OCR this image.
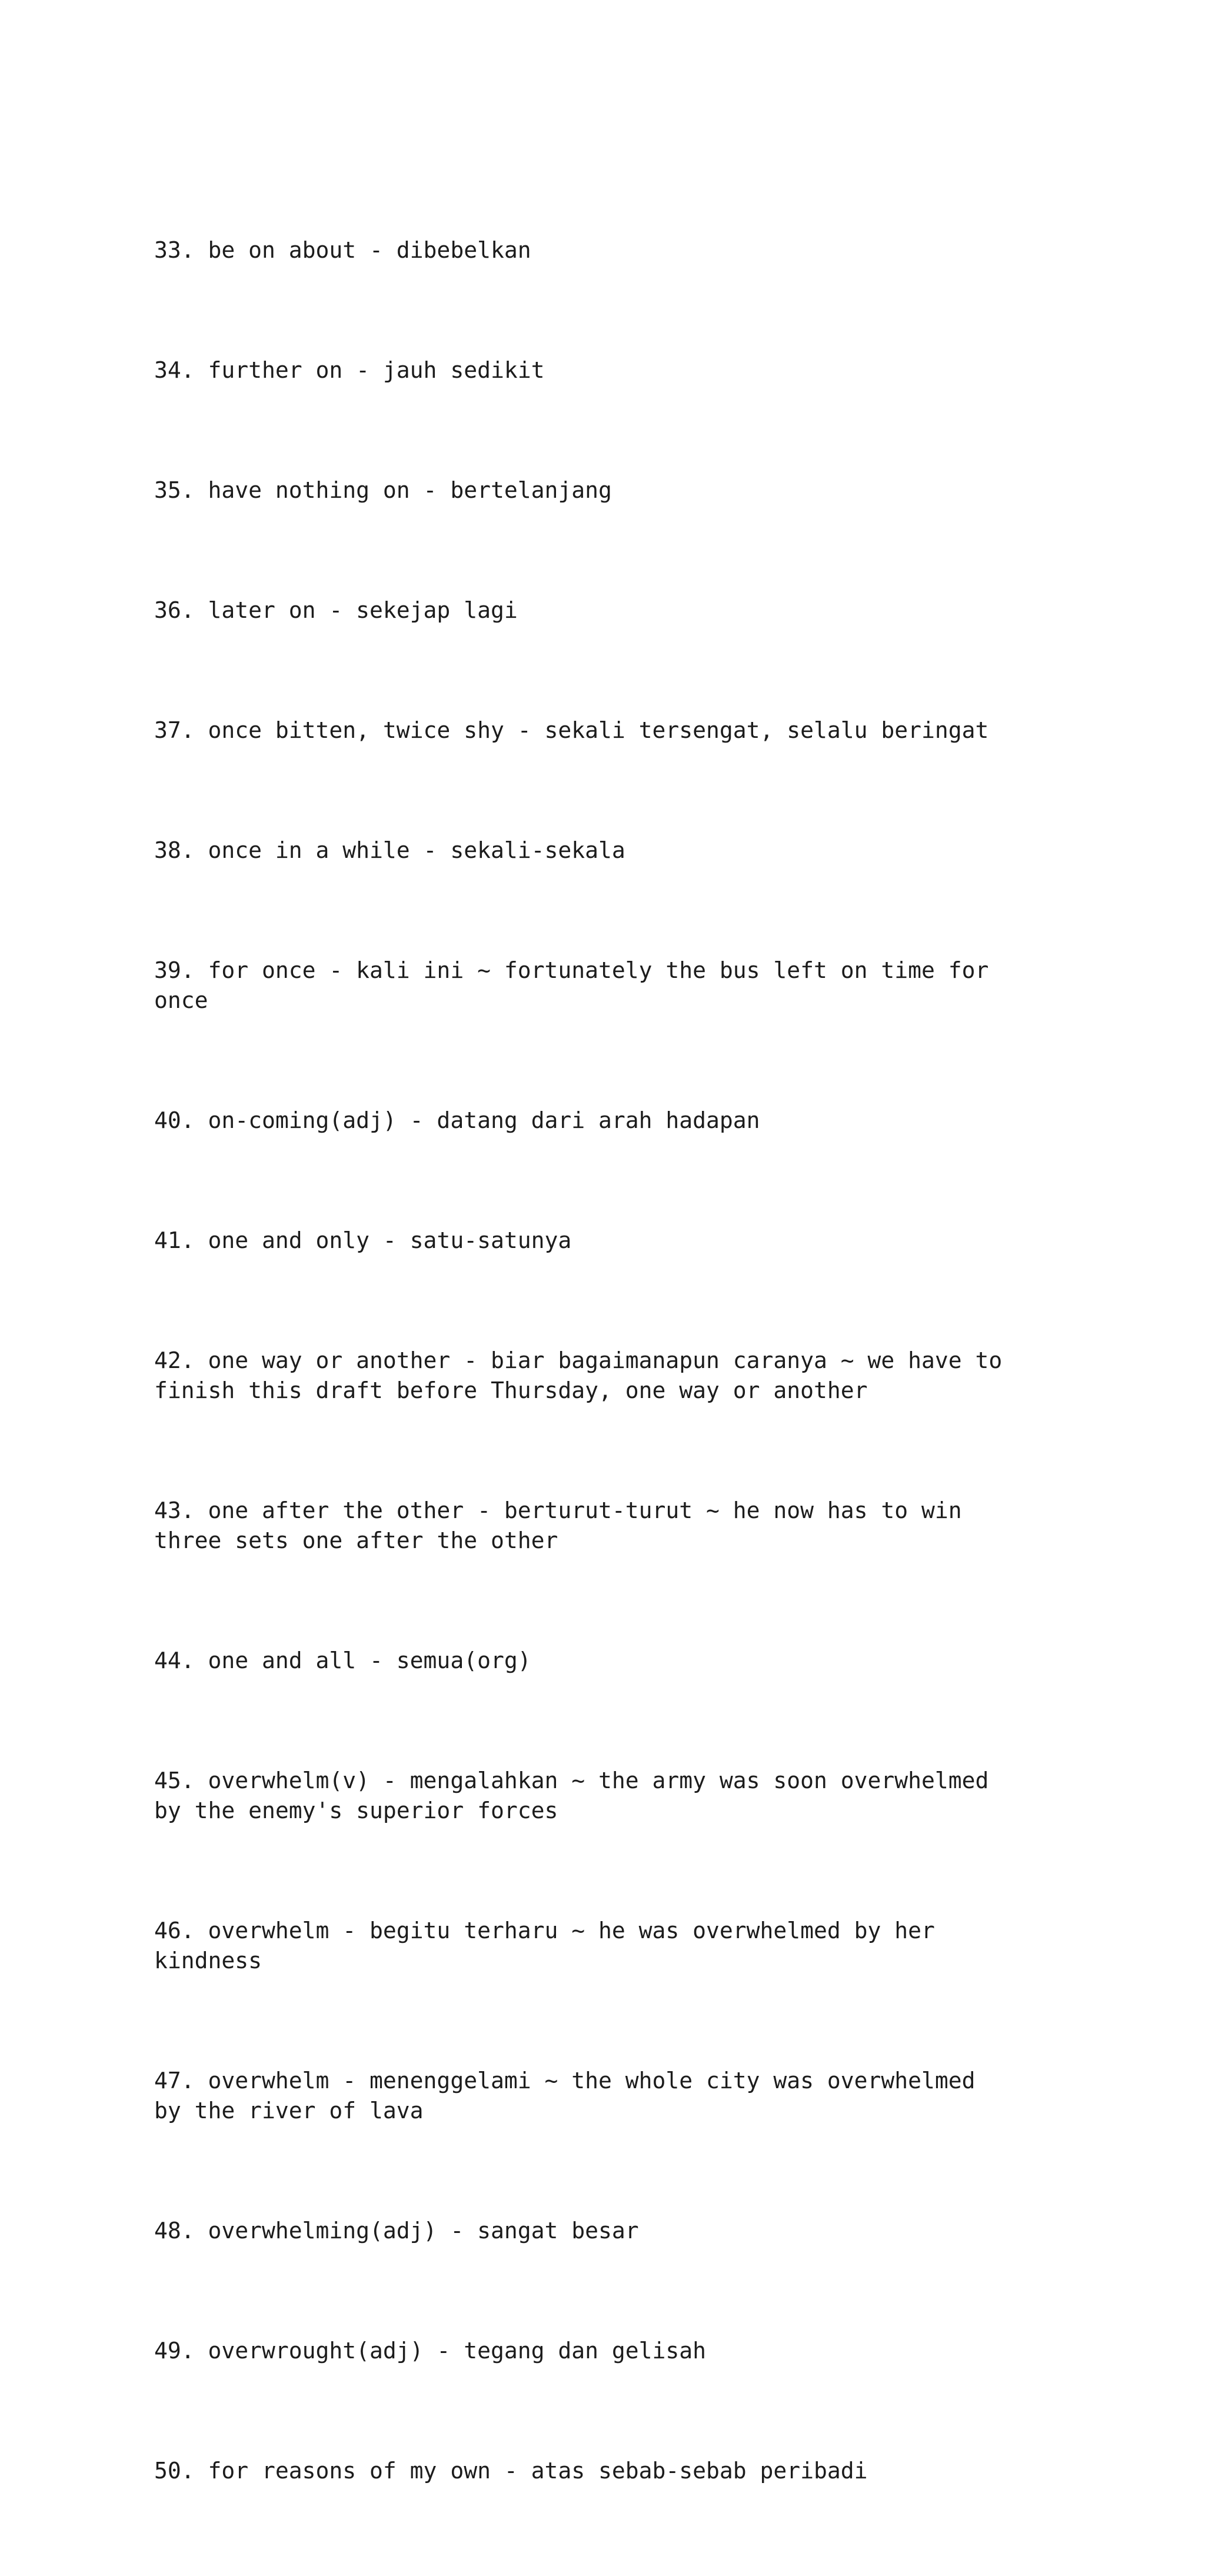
33. be on about - dibebelkan

34. further on - jauh sedikit

35. have nothing on - bertelanjang

36. later on - sekejap lagi

37. once bitten, twice shy - sekali tersengat, selalu beringat

38. once in a while - sekali-sekala

39. for once - kali ini ~ fortunately the bus left on time for
once

40. on-coming(adj) - datang dari arah hadapan

41. one and only - satu-satunya

42. one way or another - biar bagaimanapun caranya ~ we have to
finish this draft before Thursday, one way or another

43. one after the other - berturut-turut ~ he now has to win
three sets one after the other

44. one and all - semua(org)

45. overwhelm(v) - mengalahkan ~ the army was soon overwhelmed
by the enemy's superior forces

46. overwhelm - begitu terharu ~ he was overwhelmed by her
kindness

47. overwhelm - menenggelami ~ the whole city was overwhelmed
by the river of lava

48. overwhelming(adj) - sangat besar

49. overwrought(adj) - tegang dan gelisah

50. for reasons of my own - atas sebab-sebab peribadi
